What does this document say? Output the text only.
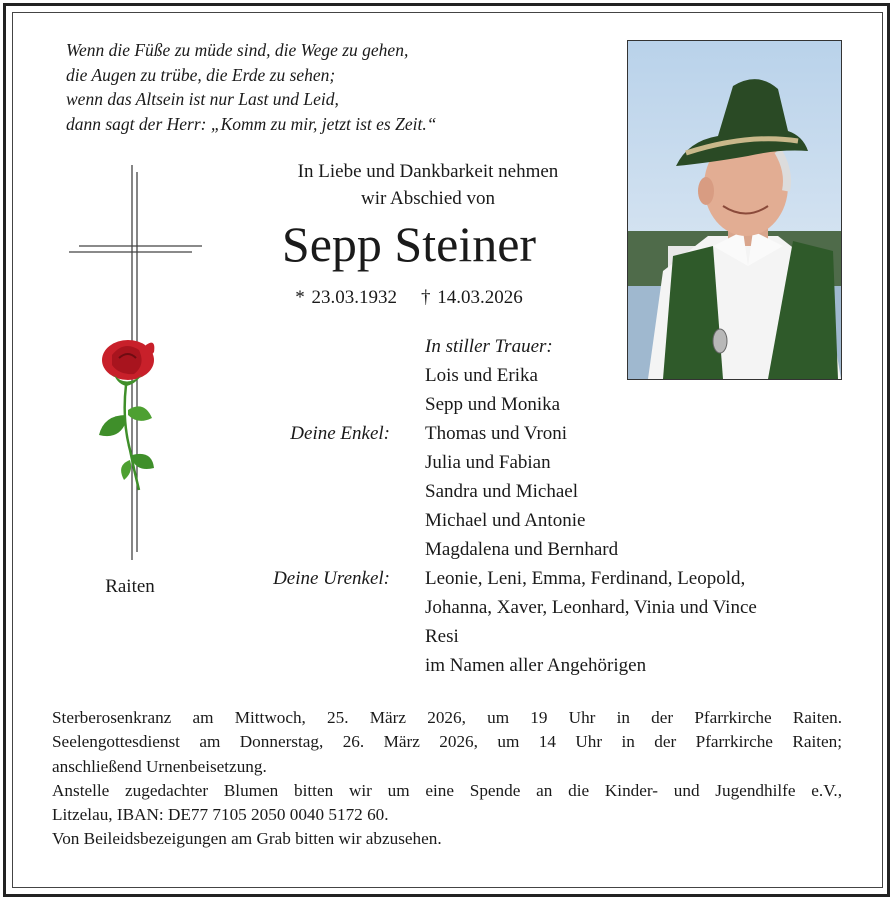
Wenn die Füße zu müde sind, die Wege zu gehen,
die Augen zu trübe, die Erde zu sehen;
wenn das Altsein ist nur Last und Leid,
dann sagt der Herr: „Komm zu mir, jetzt ist es Zeit.“
In Liebe und Dankbarkeit nehmen
wir Abschied von
Sepp Steiner
* 23.03.1932 † 14.03.2026
Raiten
In stiller Trauer:
Lois und Erika
Sepp und Monika
Deine Enkel: Thomas und Vroni
Julia und Fabian
Sandra und Michael
Michael und Antonie
Magdalena und Bernhard
Deine Urenkel: Leonie, Leni, Emma, Ferdinand, Leopold,
Johanna, Xaver, Leonhard, Vinia und Vince
Resi
im Namen aller Angehörigen
Sterberosenkranz am Mittwoch, 25. März 2026, um 19 Uhr in der Pfarrkirche Raiten.
Seelengottesdienst am Donnerstag, 26. März 2026, um 14 Uhr in der Pfarrkirche Raiten;
anschließend Urnenbeisetzung.
Anstelle zugedachter Blumen bitten wir um eine Spende an die Kinder- und Jugendhilfe e.V.,
Litzelau, IBAN: DE77 7105 2050 0040 5172 60.
Von Beileidsbezeigungen am Grab bitten wir abzusehen.
